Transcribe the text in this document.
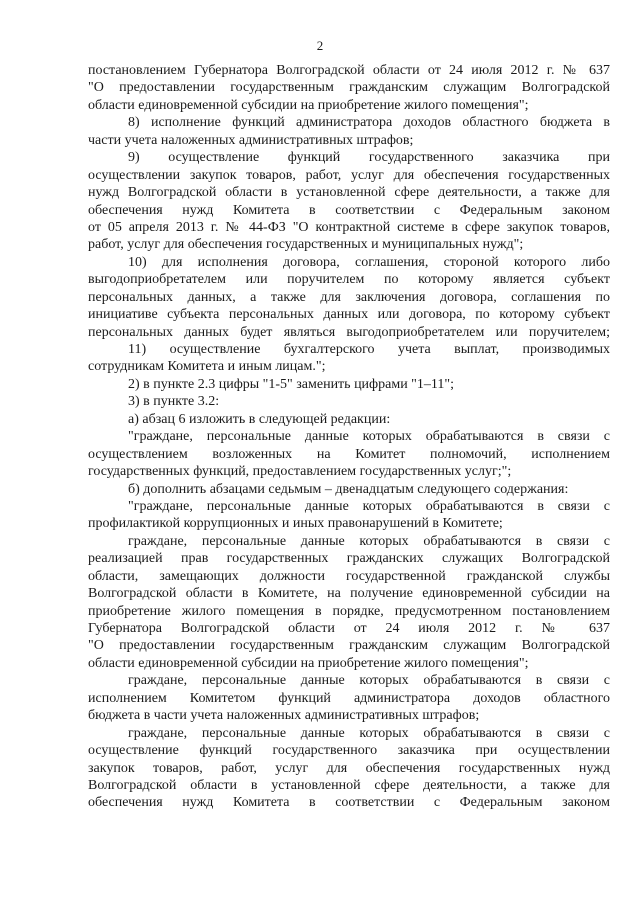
2
постановлением Губернатора Волгоградской области от 24 июля 2012 г. № 637
"О предоставлении государственным гражданским служащим Волгоградской
области единовременной субсидии на приобретение жилого помещения";
8) исполнение функций администратора доходов областного бюджета в
части учета наложенных административных штрафов;
9) осуществление функций государственного заказчика при
осуществлении закупок товаров, работ, услуг для обеспечения государственных
нужд Волгоградской области в установленной сфере деятельности, а также для
обеспечения нужд Комитета в соответствии с Федеральным законом
от 05 апреля 2013 г. № 44-ФЗ "О контрактной системе в сфере закупок товаров,
работ, услуг для обеспечения государственных и муниципальных нужд";
10) для исполнения договора, соглашения, стороной которого либо
выгодоприобретателем или поручителем по которому является субъект
персональных данных, а также для заключения договора, соглашения по
инициативе субъекта персональных данных или договора, по которому субъект
персональных данных будет являться выгодоприобретателем или поручителем;
11) осуществление бухгалтерского учета выплат, производимых
сотрудникам Комитета и иным лицам.";
2) в пункте 2.3 цифры "1-5" заменить цифрами "1–11";
3) в пункте 3.2:
а) абзац 6 изложить в следующей редакции:
"граждане, персональные данные которых обрабатываются в связи с
осуществлением возложенных на Комитет полномочий, исполнением
государственных функций, предоставлением государственных услуг;";
б) дополнить абзацами седьмым – двенадцатым следующего содержания:
"граждане, персональные данные которых обрабатываются в связи с
профилактикой коррупционных и иных правонарушений в Комитете;
граждане, персональные данные которых обрабатываются в связи с
реализацией прав государственных гражданских служащих Волгоградской
области, замещающих должности государственной гражданской службы
Волгоградской области в Комитете, на получение единовременной субсидии на
приобретение жилого помещения в порядке, предусмотренном постановлением
Губернатора Волгоградской области от 24 июля 2012 г. № 637
"О предоставлении государственным гражданским служащим Волгоградской
области единовременной субсидии на приобретение жилого помещения";
граждане, персональные данные которых обрабатываются в связи с
исполнением Комитетом функций администратора доходов областного
бюджета в части учета наложенных административных штрафов;
граждане, персональные данные которых обрабатываются в связи с
осуществление функций государственного заказчика при осуществлении
закупок товаров, работ, услуг для обеспечения государственных нужд
Волгоградской области в установленной сфере деятельности, а также для
обеспечения нужд Комитета в соответствии с Федеральным законом
